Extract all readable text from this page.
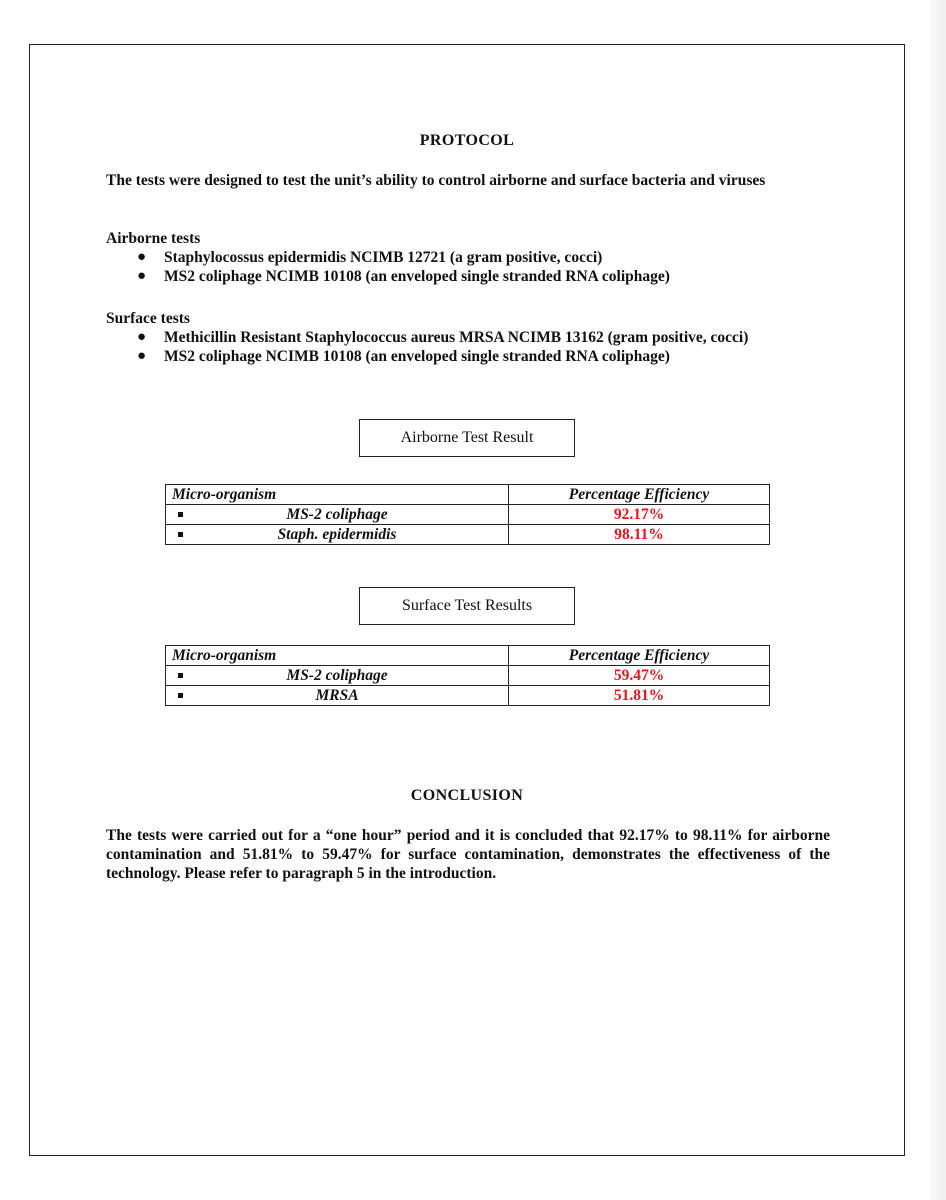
PROTOCOL
The tests were designed to test the unit’s ability to control airborne and surface bacteria and viruses
Airborne tests
● Staphylocossus epidermidis NCIMB 12721 (a gram positive, cocci)
● MS2 coliphage NCIMB 10108 (an enveloped single stranded RNA coliphage)
Surface tests
● Methicillin Resistant Staphylococcus aureus MRSA NCIMB 13162 (gram positive, cocci)
● MS2 coliphage NCIMB 10108 (an enveloped single stranded RNA coliphage)
Airborne Test Result
Micro-organism	Percentage Efficiency

MS-2 coliphage	92.17%

Staph. epidermidis	98.11%
Surface Test Results
Micro-organism	Percentage Efficiency

MS-2 coliphage	59.47%

MRSA	51.81%
CONCLUSION
The tests were carried out for a “one hour” period and it is concluded that 92.17% to 98.11% for airborne contamination and 51.81% to 59.47% for surface contamination, demonstrates the effectiveness of the technology. Please refer to paragraph 5 in the introduction.
